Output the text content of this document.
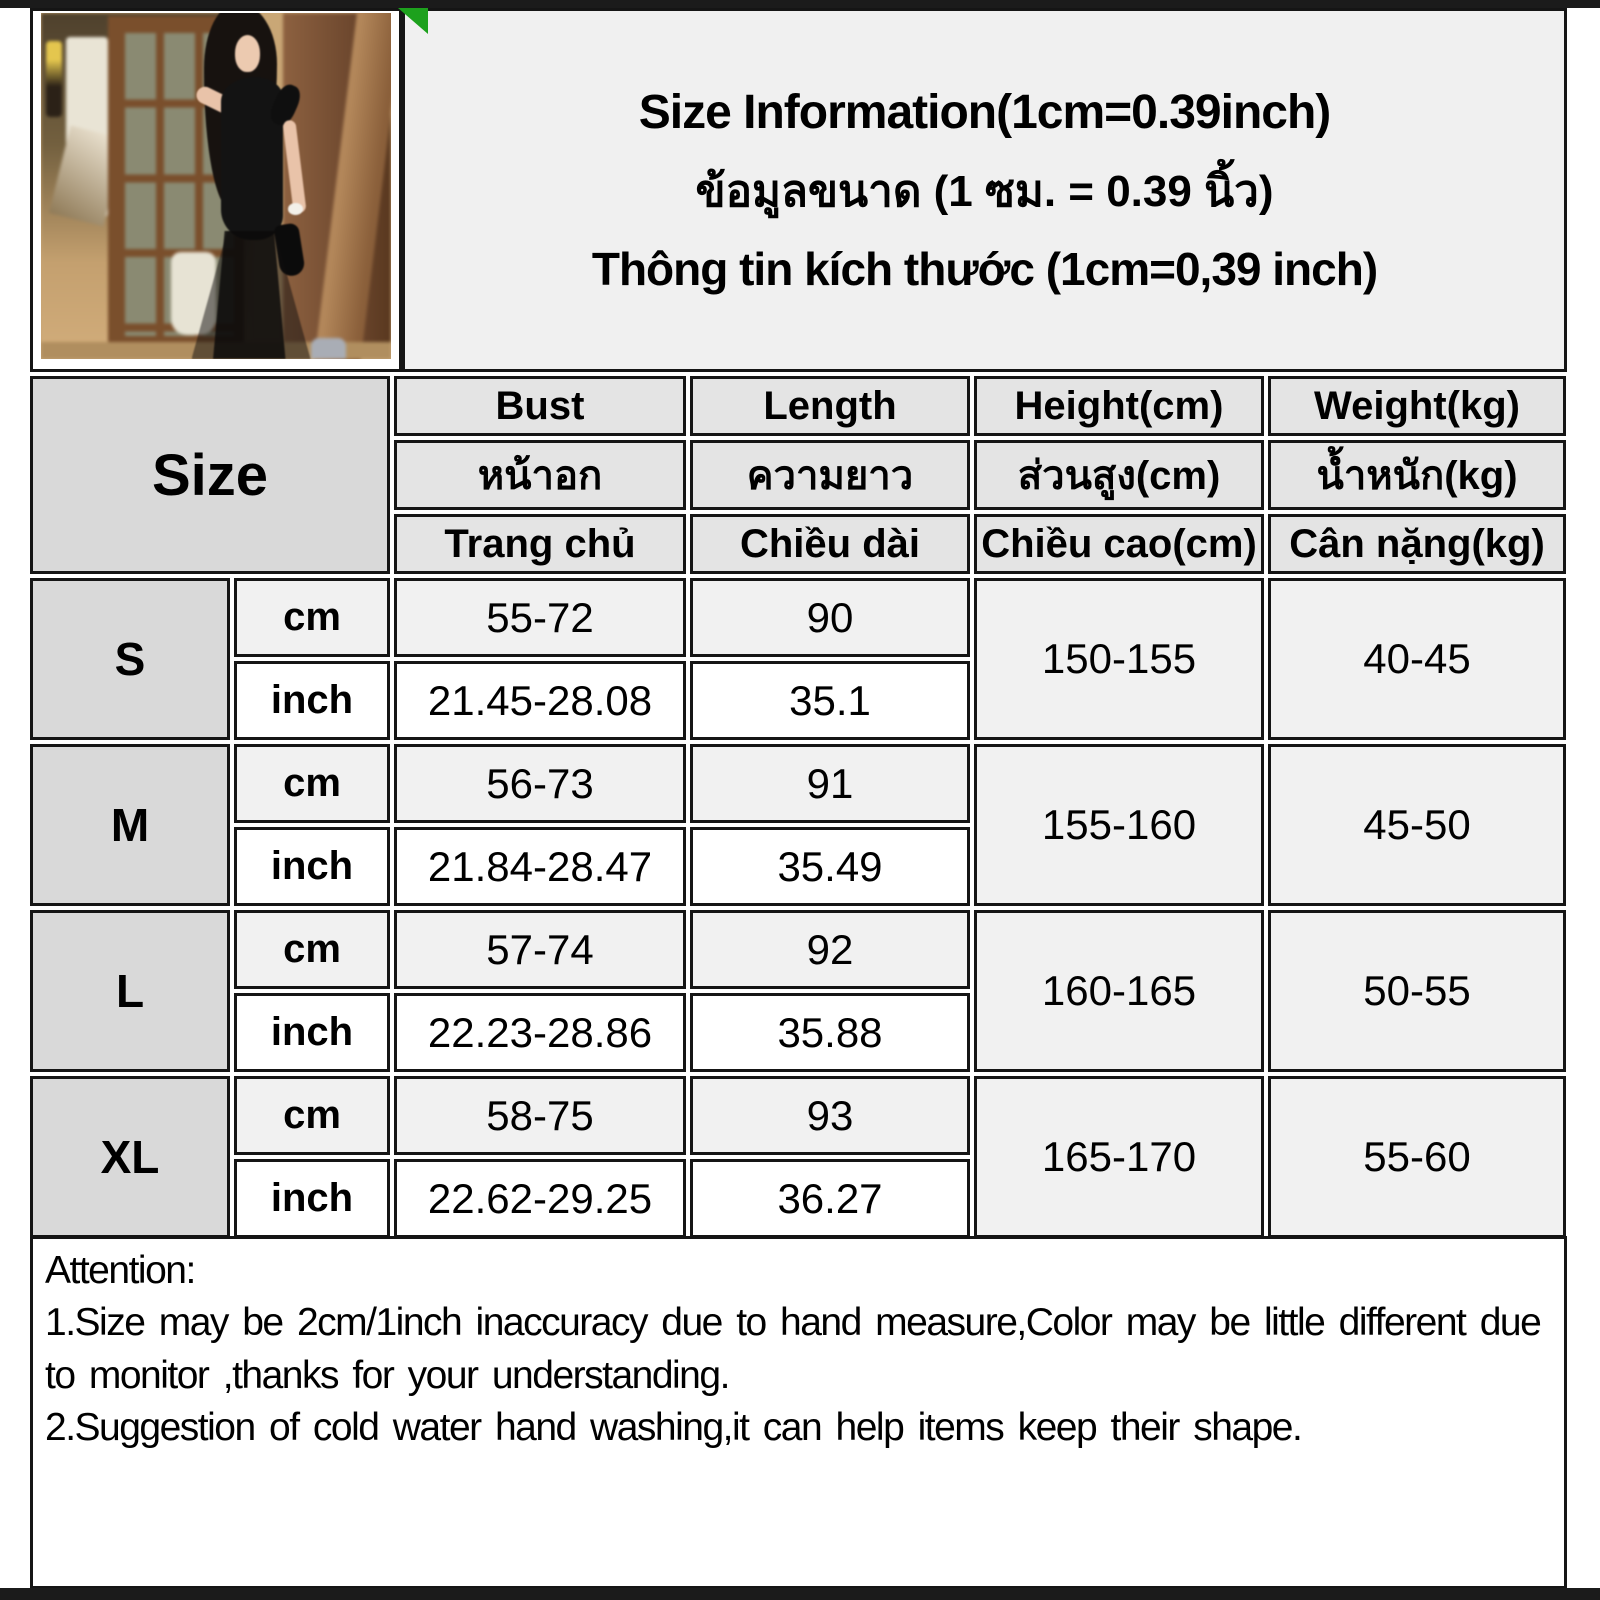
Size Information(1cm=0.39inch)
ข้อมูลขนาด (1 ซม. = 0.39 นิ้ว)
Thông tin kích thước (1cm=0,39 inch)
Size		Bust	Length	Height(cm)	Weight(kg)
		หน้าอก	ความยาว	ส่วนสูง(cm)	น้ำหนัก(kg)
		Trang chủ	Chiều dài	Chiều cao(cm)	Cân nặng(kg)
S	cm	55-72	90	150-155	40-45
	inch	21.45-28.08	35.1		
M	cm	56-73	91	155-160	45-50
	inch	21.84-28.47	35.49		
L	cm	57-74	92	160-165	50-55
	inch	22.23-28.86	35.88		
XL	cm	58-75	93	165-170	55-60
	inch	22.62-29.25	36.27		
Attention:
1.Size may be 2cm/1inch inaccuracy due to hand measure,Color may be little different due to monitor ,thanks for your understanding.
2.Suggestion of cold water hand washing,it can help items keep their shape.
